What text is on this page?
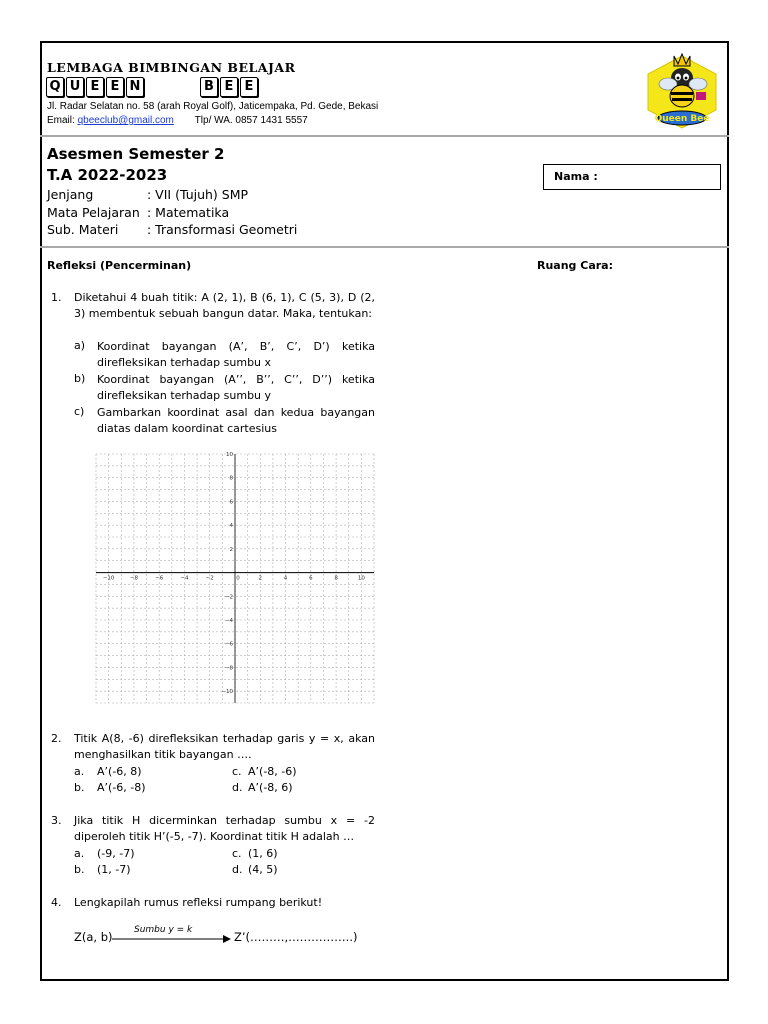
LEMBAGA BIMBINGAN BELAJAR
Q U E E N	B E E
Jl. Radar Selatan no. 58 (arah Royal Golf), Jaticempaka, Pd. Gede, Bekasi
Email: qbeeclub@gmail.com Tlp/ WA. 0857 1431 5557	Queen Bee
Asesmen Semester 2
T.A 2022-2023
Jenjang	: VII (Tujuh) SMP
Mata Pelajaran : Matematika
Sub. Materi : Transformasi Geometri
Nama :
Refleksi (Pencerminan)	Ruang Cara:
1. Diketahui 4 buah titik: A (2, 1), B (6, 1), C (5, 3), D (2, 3) membentuk sebuah bangun datar. Maka, tentukan:
a) Koordinat bayangan (A’, B’, C’, D’) ketika direfleksikan terhadap sumbu x
b) Koordinat bayangan (A’’, B’’, C’’, D’’) ketika direfleksikan terhadap sumbu y
c) Gambarkan koordinat asal dan kedua bayangan diatas dalam koordinat cartesius
−10	−8	−6	−4	−2	0	2	4	6	8	10
10
8
6
4
2
−2
−4
−6
−8
−10
2. Titik A(8, -6) direfleksikan terhadap garis y = x, akan menghasilkan titik bayangan ….
a. A’(-6, 8)	c. A’(-8, -6)
b. A’(-6, -8)	d. A’(-8, 6)
3. Jika titik H dicerminkan terhadap sumbu x = -2 diperoleh titik H’(-5, -7). Koordinat titik H adalah …
a. (-9, -7)	c. (1, 6)
b. (1, -7)	d. (4, 5)
4. Lengkapilah rumus refleksi rumpang berikut!
Z(a, b) Sumbu y = k	Z’(………,……………..)
